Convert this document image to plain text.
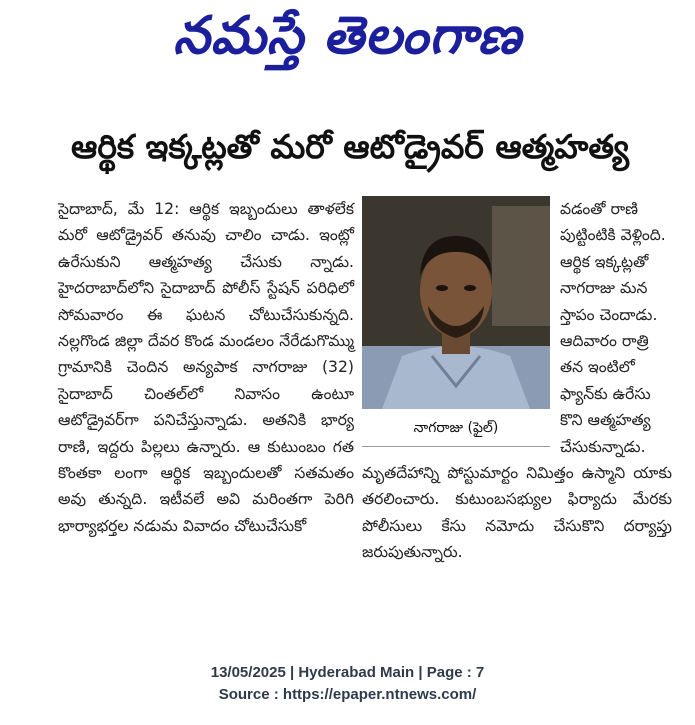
నమస్తే తెలంగాణ
ఆర్థిక ఇక్కట్లతో మరో ఆటోడ్రైవర్ ఆత్మహత్య
సైదాబాద్, మే 12: ఆర్థిక ఇబ్బందులు తాళలేక మరో ఆటోడ్రైవర్ తనువు చాలిం చాడు. ఇంట్లో ఉరేసుకుని ఆత్మహత్య చేసుకు న్నాడు. హైదరాబాద్‌లోని సైదాబాద్ పోలీస్ స్టేషన్ పరిధిలో సోమవారం ఈ ఘటన చోటుచేసుకున్నది. నల్లగొండ జిల్లా దేవర కొండ మండలం నేరేడుగొమ్ము గ్రామానికి చెందిన అన్యపాక నాగరాజు (32) సైదాబాద్ చింతల్‌లో నివాసం ఉంటూ ఆటోడ్రైవర్‌గా పనిచేస్తున్నాడు. అతనికి భార్య రాణి, ఇద్దరు పిల్లలు ఉన్నారు. ఆ కుటుంబం గత కొంతకా లంగా ఆర్థిక ఇబ్బందులతో సతమతం అవు తున్నది. ఇటీవలే అవి మరింతగా పెరిగి భార్యాభర్తల నడుమ వివాదం చోటుచేసుకో
నాగరాజు (ఫైల్)
వడంతో రాణి పుట్టింటికి వెళ్లింది. ఆర్థిక ఇక్కట్లతో నాగరాజు మన స్తాపం చెందాడు. ఆదివారం రాత్రి తన ఇంటిలో ఫ్యాన్‌కు ఉరేసు కొని ఆత్మహత్య చేసుకున్నాడు.
మృతదేహాన్ని పోస్టుమార్టం నిమిత్తం ఉస్మాని యాకు తరలించారు. కుటుంబసభ్యుల ఫిర్యాదు మేరకు పోలీసులు కేసు నమోదు చేసుకొని దర్యాప్తు జరుపుతున్నారు.
13/05/2025 | Hyderabad Main | Page : 7
Source : https://epaper.ntnews.com/
